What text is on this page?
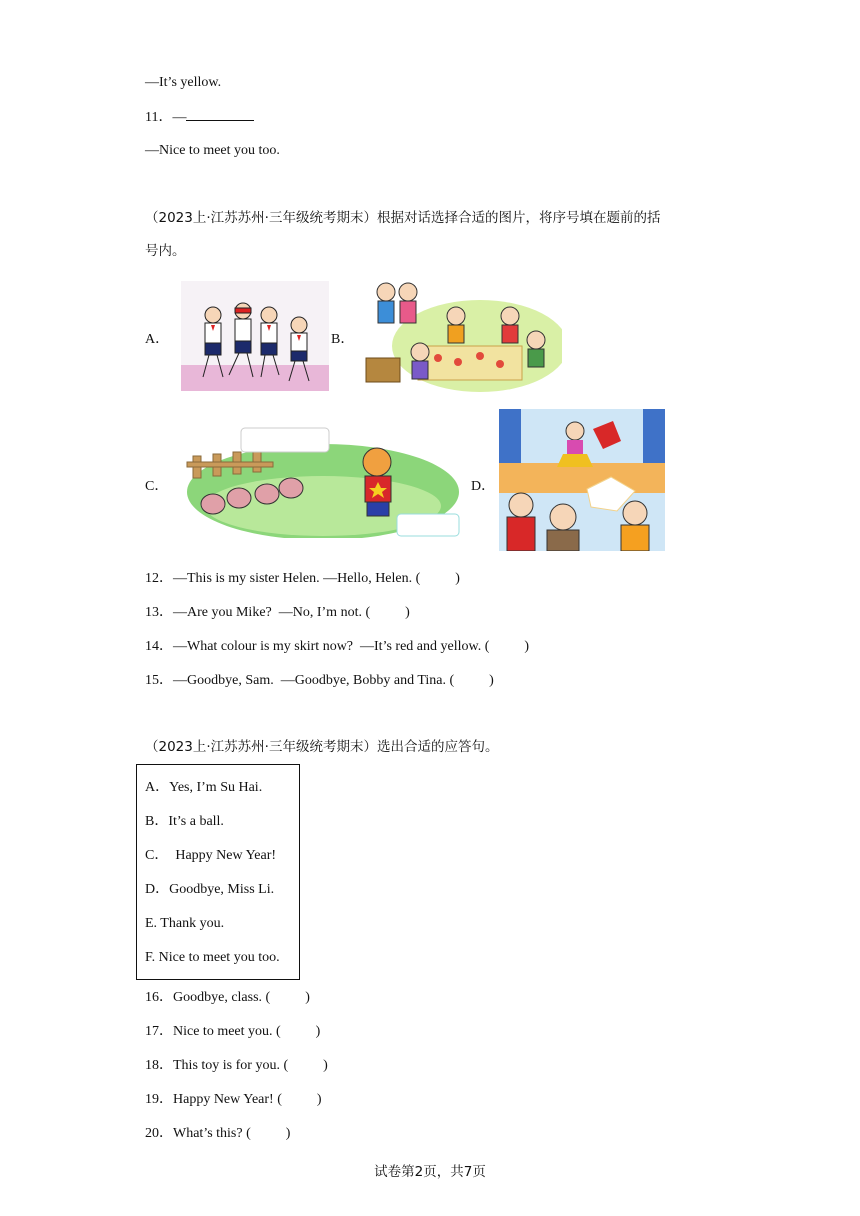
—It’s yellow.
11．—
—Nice to meet you too.
（2023上·江苏苏州·三年级统考期末）根据对话选择合适的图片，将序号填在题前的括
号内。
A．	B．
C．	D．
12．—This is my sister Helen. —Hello, Helen. (          )
13．—Are you Mike?  —No, I’m not. (          )
14．—What colour is my skirt now?  —It’s red and yellow. (          )
15．—Goodbye, Sam.  —Goodbye, Bobby and Tina. (          )
（2023上·江苏苏州·三年级统考期末）选出合适的应答句。
A．Yes, I’m Su Hai.
B．It’s a ball.
C．  Happy New Year!
D．Goodbye, Miss Li.
E. Thank you.
F. Nice to meet you too.
16．Goodbye, class. (          )
17．Nice to meet you. (          )
18．This toy is for you. (          )
19．Happy New Year! (          )
20．What’s this? (          )
试卷第2页，共7页
